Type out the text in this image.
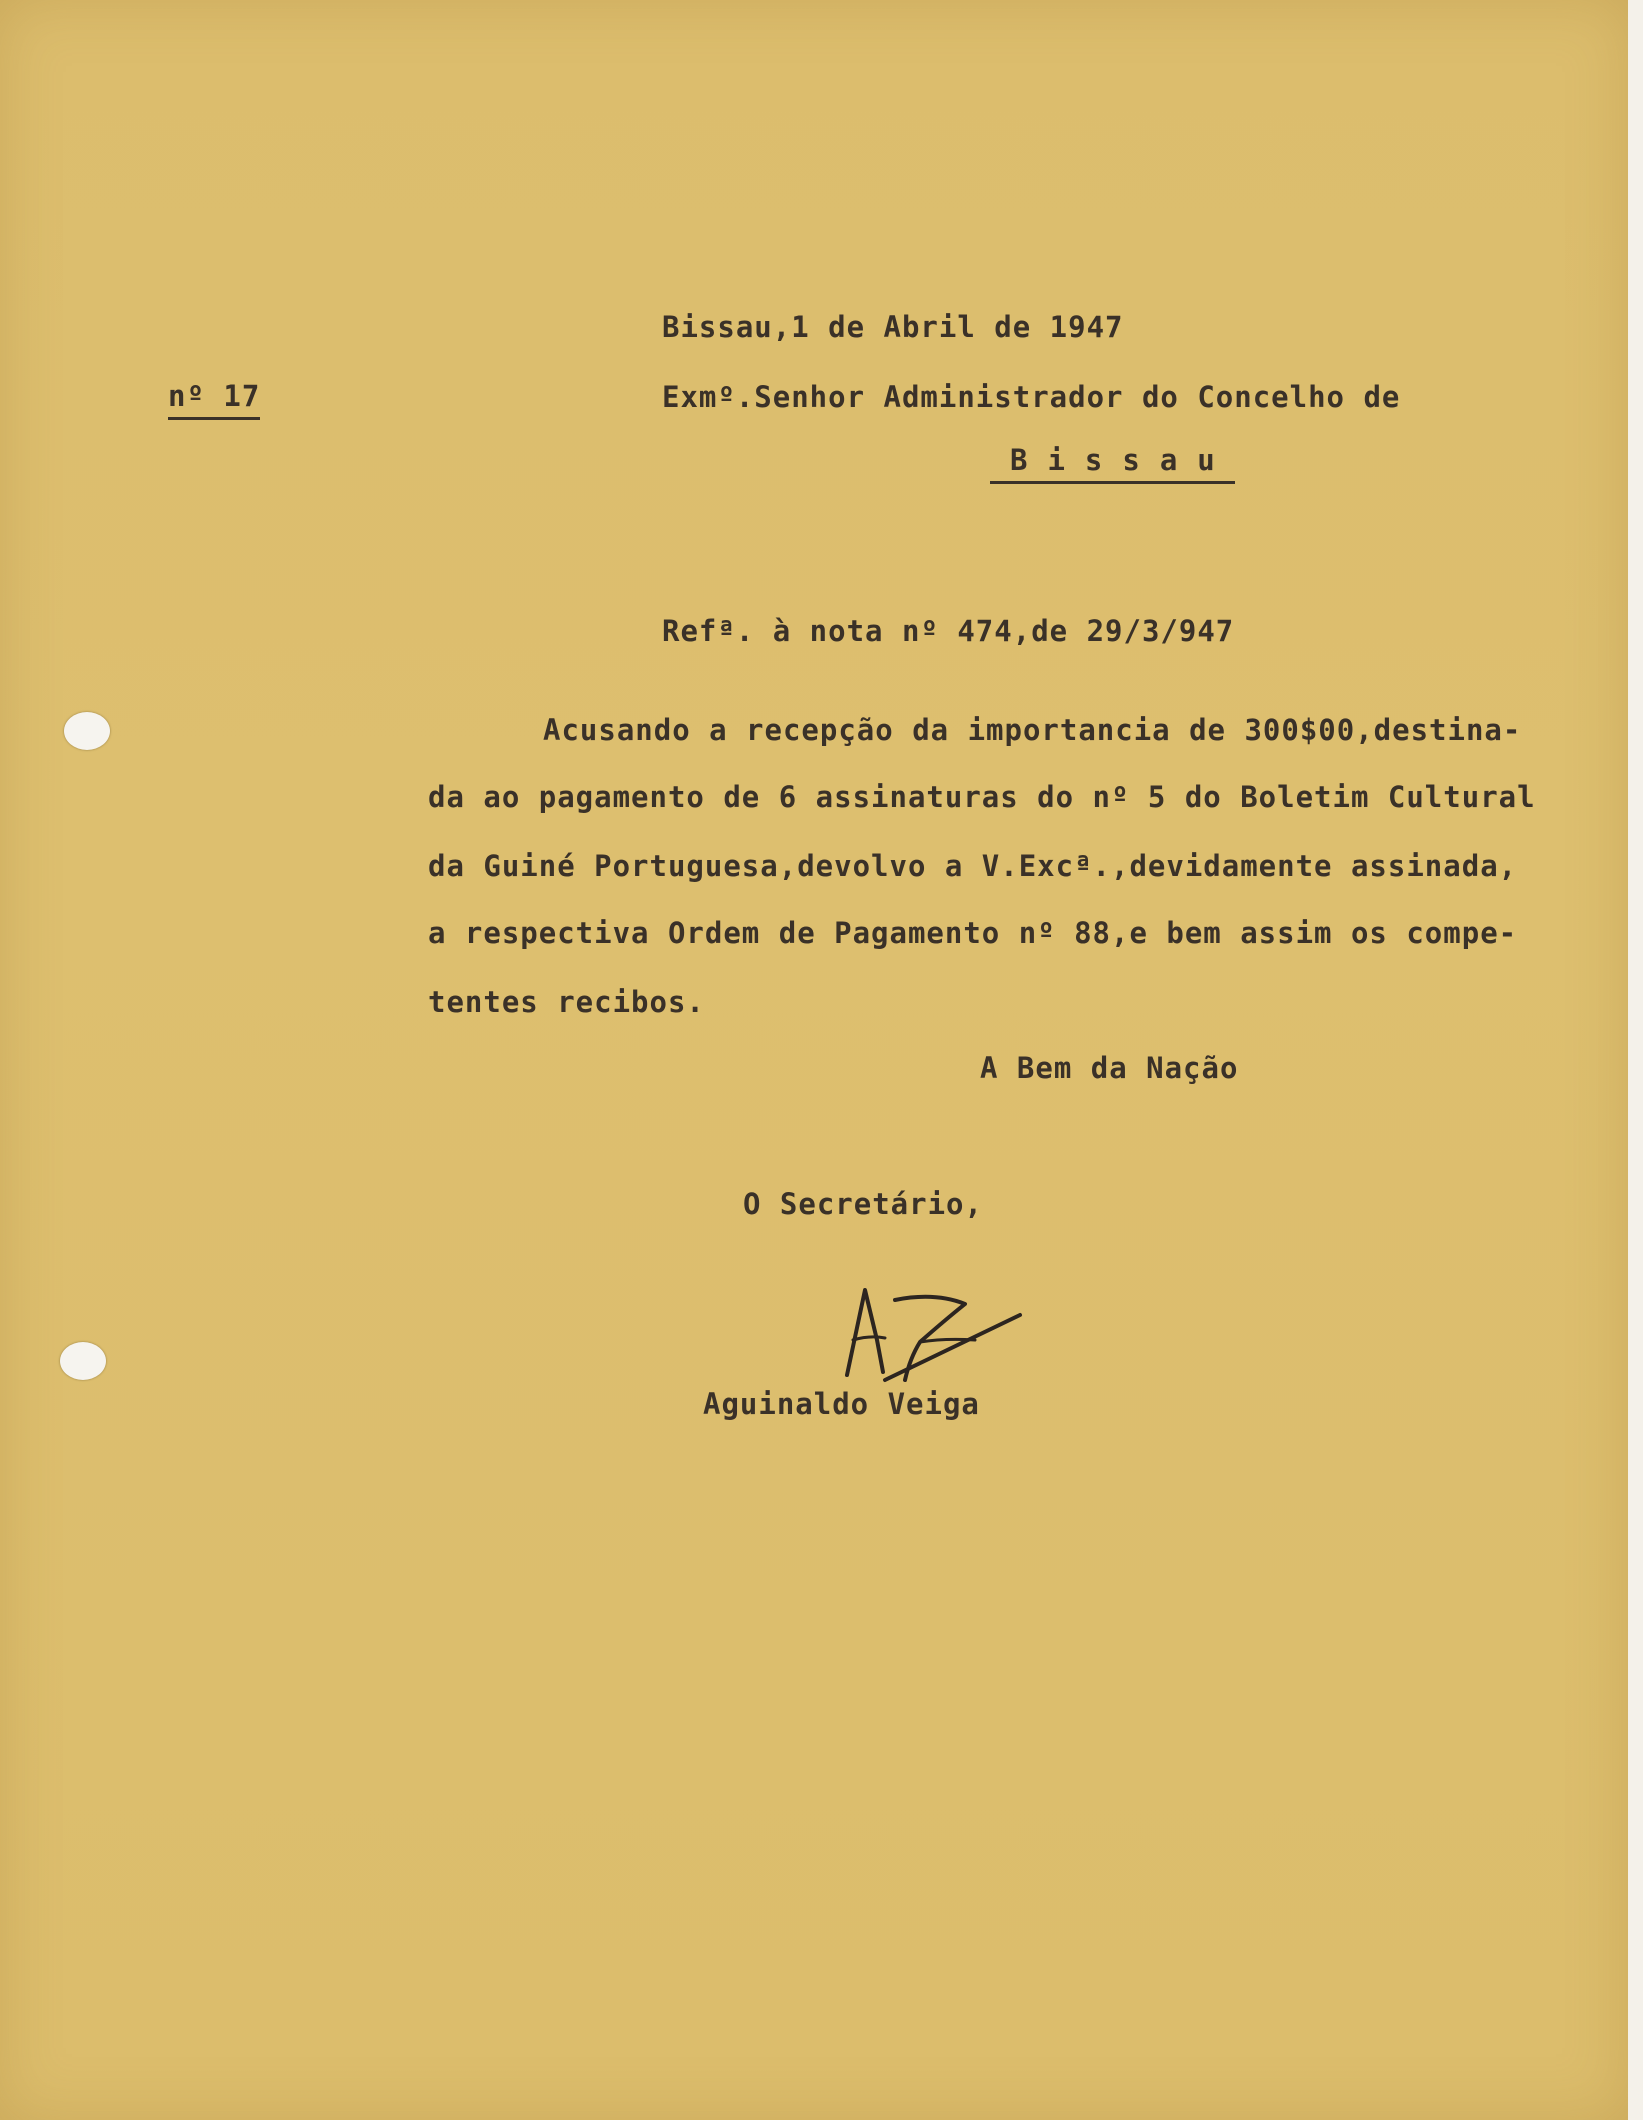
nº 17
Bissau,1 de Abril de 1947
Exmº.Senhor Administrador do Concelho de
Bissau
Refª. à nota nº 474,de 29/3/947
Acusando a recepção da importancia de 300$00,destina-
da ao pagamento de 6 assinaturas do nº 5 do Boletim Cultural
da Guiné Portuguesa,devolvo a V.Excª.,devidamente assinada,
a respectiva Ordem de Pagamento nº 88,e bem assim os compe-
tentes recibos.
A Bem da Nação
O Secretário,
Aguinaldo Veiga
